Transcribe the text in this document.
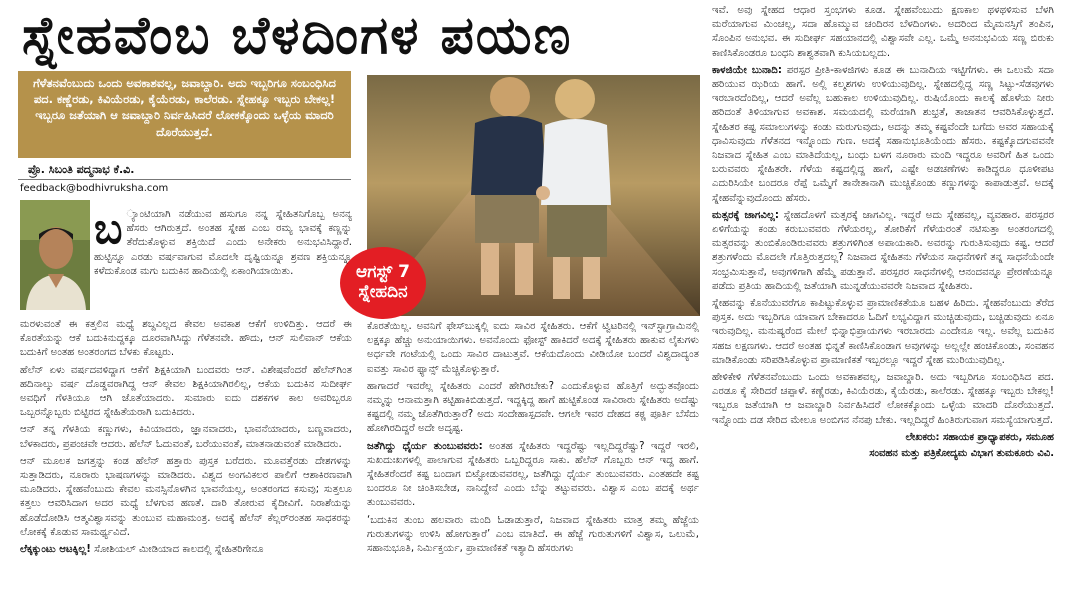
ಸ್ನೇಹವೆಂಬ ಬೆಳದಿಂಗಳ ಪಯಣ
ಗೆಳೆತನವೆಂಬುದು ಒಂದು ಅವಕಾಶವಲ್ಲ, ಜವಾಬ್ದಾರಿ. ಅದು ಇಬ್ಬರಿಗೂ ಸಂಬಂಧಿಸಿದ ಪದ. ಕಣ್ಣೆರಡು, ಕಿವಿಯೆರಡು, ಕೈಯೆರಡು, ಕಾಲೆರಡು. ಸ್ನೇಹಕ್ಕೂ ಇಬ್ಬರು ಬೇಕಲ್ಲ! ಇಬ್ಬರೂ ಜತೆಯಾಗಿ ಆ ಜವಾಬ್ದಾರಿ ನಿರ್ವಹಿಸಿದರೆ ಲೋಕಕ್ಕೊಂದು ಒಳ್ಳೆಯ ಮಾದರಿ ದೊರೆಯುತ್ತದೆ.
ಪ್ರೊ. ಸಿಬಂತಿ ಪದ್ಮನಾಭ ಕೆ.ವಿ.
feedback@bodhivruksha.com
ಆಗಸ್ಟ್ 7
ಸ್ನೇಹದಿನ
ಬ ್ಯಾಂಟಿಯಾಗಿ ನಡೆಯುವ ಹಸುಗೂ ನನ್ನ ಸ್ನೇಹಿತನಿಗೊಬ್ಬ ಅನನ್ಯ ಹೆಸರು ಆಗಿರುತ್ತದೆ. ಅಂತಹ ಸ್ನೇಹ ಎಂಬ ರಮ್ಯ ಭಾವಕ್ಕೆ ಕಣ್ಣನ್ನು ತೆರೆದುಕೊಳ್ಳುವ ಶಕ್ತಿಯಿದೆ ಎಂದು ಅನೇಕರು ಅನುಭವಿಸಿದ್ದಾರೆ. ಹುಟ್ಟಿನ್ನೂ ಎರಡು ವರ್ಷವಾಗುವ ಮೊದಲೇ ದೃಷ್ಟಿಯನ್ನೂ ಶ್ರವಣ ಶಕ್ತಿಯನ್ನೂ ಕಳೆದುಕೊಂಡ ಮಗು ಬದುಕಿನ ಹಾದಿಯಲ್ಲಿ ಏಕಾಂಗಿಯಾಯಿತು.

ಮರಳುವಂತೆ ಈ ಕತ್ತಲಿನ ಮಧ್ಯೆ ಶಬ್ದವಿಲ್ಲದ ಕೇವಲ ಅವಕಾಶ ಆಕೆಗೆ ಉಳಿದಿತ್ತು. ಆದರೆ ಈ ಕೊರತೆಯನ್ನು ಆಕೆ ಬದುಕಿನುದ್ದಕ್ಕೂ ದೂರವಾಗಿಸಿದ್ದು ಗೆಳೆತನವೇ. ಹೌದು, ಆನ್ ಸುಲಿವಾನ್ ಆಕೆಯ ಬದುಕಿಗೆ ಅಂತಹ ಅಂತರಂಗದ ಬೆಳಕು ಕೊಟ್ಟರು.

ಹೆಲೆನ್ ಏಳು ವರ್ಷದವಳಿದ್ದಾಗ ಆಕೆಗೆ ಶಿಕ್ಷಕಿಯಾಗಿ ಬಂದವರು ಆನ್. ವಿಶೇಷವೆಂದರೆ ಹೆಲೆನ್‌ಗಿಂತ ಹದಿನಾಲ್ಕು ವರ್ಷ ದೊಡ್ಡವರಾಗಿದ್ದ ಆನ್ ಕೇವಲ ಶಿಕ್ಷಕಿಯಾಗಿರಲಿಲ್ಲ, ಆಕೆಯ ಬದುಕಿನ ಸುದೀರ್ಘ ಅವಧಿಗೆ ಗೆಳತಿಯೂ ಆಗಿ ಜೊತೆಯಾದರು. ಸುಮಾರು ಐದು ದಶಕಗಳ ಕಾಲ ಅವರಿಬ್ಬರೂ ಒಬ್ಬರನ್ನೊಬ್ಬರು ಬಿಟ್ಟಿರದ ಸ್ನೇಹಿತೆಯರಾಗಿ ಬದುಕಿದರು.

ಆನ್ ತನ್ನ ಗೆಳತಿಯ ಕಣ್ಣುಗಳು, ಕಿವಿಯಾದರು, ಜ್ಞಾನವಾದರು, ಭಾವನೆಯಾದರು, ಬಣ್ಣವಾದರು, ಬೆಳಕಾದರು, ಪ್ರಪಂಚವೇ ಆದರು. ಹೆಲೆನ್ ಓದುವಂತೆ, ಬರೆಯುವಂತೆ, ಮಾತನಾಡುವಂತೆ ಮಾಡಿದರು.

ಆನ್ ಮೂಲಕ ಜಗತ್ತನ್ನು ಕಂಡ ಹೆಲೆನ್ ಹತ್ತಾರು ಪುಸ್ತಕ ಬರೆದರು. ಮೂವತ್ತೆರಡು ದೇಶಗಳನ್ನು ಸುತ್ತಾಡಿದರು, ನೂರಾರು ಭಾಷಣಗಳನ್ನು ಮಾಡಿದರು. ವಿಶ್ವದ ಅಂಗವಿಕಲರ ಪಾಲಿಗೆ ಆಶಾಕಿರಣವಾಗಿ ಮೂಡಿದರು. ಸ್ನೇಹವೆಂಬುದು ಕೇವಲ ಮನಸ್ಸಿನೊಳಗಿನ ಭಾವನೆಯಲ್ಲ, ಅಂತರಂಗದ ಕಸುವು; ಸುತ್ತಲೂ ಕತ್ತಲು ಆವರಿಸಿದಾಗ ಅದರ ಮಧ್ಯೆ ಬೆಳಗುವ ಹಣತೆ. ದಾರಿ ತೋರುವ ಕೈದೀವಿಗೆ. ನಿರಾಶೆಯನ್ನು ಹೊಡೆದೋಡಿಸಿ ಆತ್ಮವಿಶ್ವಾಸವನ್ನು ತುಂಬುವ ಮಹಾಮಂತ್ರ. ಅದಕ್ಕೆ ಹೆಲೆನ್ ಕೆಲ್ಲರ್‌ರಂತಹ ಸಾಧಕರನ್ನು ಲೋಕಕ್ಕೆ ಕೊಡುವ ಸಾಮರ್ಥ್ಯವಿದೆ.

ಲೆಕ್ಕಕ್ಕುಂಟು ಆಟಕ್ಕಿಲ್ಲ! ಸೋಶಿಯಲ್ ಮೀಡಿಯಾದ ಕಾಲದಲ್ಲಿ ಸ್ನೇಹಿತರಿಗೇನೂ

ಕೊರತೆಯಿಲ್ಲ. ಅವನಿಗೆ ಫೇಸ್‌ಬುಕ್ಕಲ್ಲಿ ಐದು ಸಾವಿರ ಸ್ನೇಹಿತರು. ಆಕೆಗೆ ಟ್ವಿಟರಿನಲ್ಲಿ ಇನ್‌ಸ್ಟಾಗ್ರಾಮಿನಲ್ಲಿ ಲಕ್ಷಕ್ಕೂ ಹೆಚ್ಚು ಅನುಯಾಯಿಗಳು. ಅವನೊಂದು ಫೋಸ್ಟ್ ಹಾಕಿದರೆ ಅದಕ್ಕೆ ಸ್ನೇಹಿತರು ಹಾಕುವ ಲೈಕುಗಳು ಅರ್ಧವೇ ಗಂಟೆಯಲ್ಲಿ ಒಂದು ಸಾವಿರ ದಾಟುತ್ತವೆ. ಆಕೆಯದೊಂದು ವೀಡಿಯೋ ಬಂದರೆ ವಿಶ್ವದಾದ್ಯಂತ ಐವತ್ತು ಸಾವಿರ ಫ್ಯಾನ್ಸ್ ಮೆಚ್ಚಿಕೊಳ್ಳುತ್ತಾರೆ.

ಹಾಗಾದರೆ ಇವರೆಲ್ಲ ಸ್ನೇಹಿತರು ಎಂದರೆ ಹೇಗಿರಬೇಕು? ಎಂದುಕೊಳ್ಳುವ ಹೊತ್ತಿಗೆ ಅದ್ಭುತವೊಂದು ನಮ್ಮನ್ನು ಆನಾಮತ್ತಾಗಿ ಕಟ್ಟಿಹಾಕಿಬಿಡುತ್ತದೆ. ಇದ್ದಕ್ಕಿದ್ದ ಹಾಗೆ ಹುಟ್ಟಿಕೊಂಡ ಸಾವಿರಾರು ಸ್ನೇಹಿತರು ಅದೆಷ್ಟು ಕಷ್ಟದಲ್ಲಿ ನಮ್ಮ ಜೊತೆಗಿರುತ್ತಾರೆ? ಅದು ಸಂದೇಹಾಸ್ಪದವೇ. ಆಗಲೇ ಇವರ ದೇಹದ ಕಠ್ಣ ಪೂರ್ತಿ ಬೆಸೆದು ಹೋಗಿರದಿದ್ದರೆ ಅದೇ ಅದೃಷ್ಟ.

ಜತೆಗಿದ್ದು ಧೈರ್ಯ ತುಂಬುವವರು: ಅಂತಹ ಸ್ನೇಹಿತರು ಇದ್ದರೆಷ್ಟು ಇಲ್ಲದಿದ್ದರೆಷ್ಟು? ಇದ್ದರೆ ಇರಲಿ, ಸುಖದುಃಖಗಳಲ್ಲಿ ಪಾಲಾಗುವ ಸ್ನೇಹಿತರು ಒಬ್ಬರಿದ್ದರೂ ಸಾಕು. ಹೆಲೆನ್ ಗೊಬ್ಬರು ಆನ್ ಇದ್ದ ಹಾಗೆ. ಸ್ನೇಹಿತರೆಂದರೆ ಕಷ್ಟ ಬಂದಾಗ ಬಿಟ್ಟೋಡುವವರಲ್ಲ, ಜತೆಗಿದ್ದು ಧೈರ್ಯ ತುಂಬುವವರು. ಎಂತಹದೇ ಕಷ್ಟ ಬಂದರೂ ನೀ ಚಿಂತಿಸಬೇಡ, ನಾನಿದ್ದೇನೆ ಎಂದು ಬೆನ್ನು ತಟ್ಟುವವರು. ವಿಶ್ವಾಸ ಎಂಬ ಪದಕ್ಕೆ ಅರ್ಥ ತುಂಬುವವರು.

‘ಬದುಕಿನ ತುಂಬ ಹಲವಾರು ಮಂದಿ ಓಡಾಡುತ್ತಾರೆ, ನಿಜವಾದ ಸ್ನೇಹಿತರು ಮಾತ್ರ ತಮ್ಮ ಹೆಜ್ಜೆಯ ಗುರುತುಗಳನ್ನು ಉಳಿಸಿ ಹೋಗುತ್ತಾರೆ’ ಎಂಬ ಮಾತಿದೆ. ಈ ಹೆಜ್ಜೆ ಗುರುತುಗಳಿಗೆ ವಿಶ್ವಾಸ, ಒಲುಮೆ, ಸಹಾನುಭೂತಿ, ನಿರ್ಮಿಕ್ತರ್ಯ, ಪ್ರಾಮಾಣಿಕತೆ ಇತ್ಯಾದಿ ಹೆಸರುಗಳು

ಇವೆ. ಅವು ಸ್ನೇಹದ ಆಧಾರ ಸ್ತಂಭಗಳು ಕೂಡ. ಸ್ನೇಹವೆಂಬುದು ಕ್ಷಣಕಾಲ ಥಳಥಳಿಸುವ ಬೆಳಗಿ ಮರೆಯಾಗುವ ಮಿಂಚಲ್ಲ, ಸದಾ ಹೊಮ್ಮುವ ಚಂದಿರನ ಬೆಳದಿಂಗಳು. ಅದರಿಂದ ಮೈಮನಸ್ಸಿಗೆ ತಂಪಿನ, ಸೊಂಪಿನ ಅನುಭವ. ಈ ಸುದೀರ್ಘ ಸಹಯಾನದಲ್ಲಿ ವಿಶ್ವಾಸವೇ ಎಲ್ಲ. ಒಮ್ಮೆ ಅನನುಭವಿಯ ಸಣ್ಣ ಬಿರುಕು ಕಾಣಿಸಿಕೊಂಡರೂ ಬಂಧನಿ ಶಾಶ್ವತವಾಗಿ ಕುಸಿಯಬಲ್ಲದು.

ಕಾಳಜಿಯೇ ಬುನಾದಿ: ಪರಸ್ಪರ ಪ್ರೀತಿ-ಕಾಳಜಿಗಳು ಕೂಡ ಈ ಬುನಾದಿಯ ಇಟ್ಟಿಗೆಗಳು. ಈ ಒಲುಮೆ ಸದಾ ಹರಿಯುವ ಝರಿಯ ಹಾಗೆ. ಅಲ್ಲಿ ಕಲ್ಮಶಗಳು ಉಳಿಯುವುದಿಲ್ಲ. ಸ್ನೇಹದಲ್ಲಿದ್ದ ಸಣ್ಣ ಸಿಟ್ಟು-ಸೆಡವುಗಳು ಇರಬಾರದೆಂದಿಲ್ಲ, ಆದರೆ ಅವೆಲ್ಲ ಬಹುಕಾಲ ಉಳಿಯುವುದಿಲ್ಲ. ರುಷಿಯೊಂದು ಕಾಲಕ್ಕೆ ಹೊಳೆಯ ನೀರು ಹರಿದಂತೆ ತಿಳಿಯಾಗುವ ಅವಕಾಶ. ಸಮಯದಲ್ಲಿ ಮರೆಯಾಗಿ ಶುಭ್ರತೆ, ತಾಜಾತನ ಆವರಿಸಿಕೊಳ್ಳುತ್ತದೆ. ಸ್ನೇಹಿತರ ಕಷ್ಟ ಸಮಾಲುಗಳನ್ನು ಕಂಡು ಮರುಗುವುದು, ಅದನ್ನು ತಮ್ಮ ಕಷ್ಟವೆಂದೇ ಬಗೆದು ಅವರ ಸಹಾಯಕ್ಕೆ ಧಾವಿಸುವುದು ಗೆಳೆತನದ ಇನ್ನೊಂದು ಗುಣ. ಅದಕ್ಕೆ ಸಹಾನುಭೂತಿಯೆಂದು ಹೆಸರು. ಕಷ್ಟಕ್ಕೊದಗುವವನೇ ನಿಜವಾದ ಸ್ನೇಹಿತ ಎಂಬ ಮಾತಿದೆಯಲ್ಲ, ಬಂಧು ಬಳಗ ನೂರಾರು ಮಂದಿ ಇದ್ದರೂ ಅವರಿಗೆ ಹಿತ ಒಂದು ಬರುವವರು ಸ್ನೇಹಿತರೇ. ಗೆಳೆಯ ಕಷ್ಟದಲ್ಲಿದ್ದ ಹಾಗೆ, ಎಷ್ಟೇ ಅಡಚಣೆಗಳು ಕಾಡಿದ್ದರೂ ಧೂಳೀಪಟ ಎದುರಿಸಿಯೇ ಬಂದರೂ ರೆಪ್ಪೆ ಒಮ್ಮೆಗೆ ತಾನೇತಾನಾಗಿ ಮುಚ್ಚಿಕೊಂಡು ಕಣ್ಣುಗಳನ್ನು ಕಾಪಾಡುತ್ತವೆ. ಅದಕ್ಕೆ ಸ್ನೇಹವೆನ್ನುವುದೊಂದು ಹೆಸರು.

ಮತ್ಸರಕ್ಕೆ ಜಾಗವಿಲ್ಲ: ಸ್ನೇಹದೊಳಗೆ ಮತ್ಸರಕ್ಕೆ ಜಾಗವಿಲ್ಲ. ಇದ್ದರೆ ಅದು ಸ್ನೇಹವಲ್ಲ, ವ್ಯವಹಾರ. ಪರಸ್ಪರರ ಏಳಿಗೆಯನ್ನು ಕಂಡು ಕರುಬುವವರು ಗೆಳೆಯರಲ್ಲ, ತೋರಿಕೆಗೆ ಗೆಳೆಯರಂತೆ ನಟಿಸುತ್ತಾ ಅಂತರಂಗದಲ್ಲಿ ಮತ್ಸರವನ್ನು ತುಂಬಿಕೊಂಡಿರುವವರು ಶತ್ರುಗಳಿಗಿಂತ ಅಪಾಯಕಾರಿ. ಅವರನ್ನು ಗುರುತಿಸುವುದು ಕಷ್ಟ. ಆದರೆ ಶತ್ರುಗಳೆಂದು ಮೊದಲೇ ಗೊತ್ತಿರುತ್ತದಲ್ಲ? ನಿಜವಾದ ಸ್ನೇಹಿತನು ಗೆಳೆಯನ ಸಾಧನೆಗಳಿಗೆ ತನ್ನ ಸಾಧನೆಯೆಂದೇ ಸಂಭ್ರಮಿಸುತ್ತಾನೆ, ಅವುಗಳಿಗಾಗಿ ಹೆಮ್ಮೆ ಪಡುತ್ತಾನೆ. ಪರಸ್ಪರರ ಸಾಧನೆಗಳಲ್ಲಿ ಆನಂದವನ್ನೂ ಪ್ರೇರಣೆಯನ್ನೂ ಪಡೆದು ಪ್ರತಿಯ ಹಾದಿಯಲ್ಲಿ ಜತೆಯಾಗಿ ಮುನ್ನಡೆಯುವವರೇ ನಿಜವಾದ ಸ್ನೇಹಿತರು.

ಸ್ನೇಹವನ್ನು ಕೊನೆಯುವರೆಗೂ ಕಾಪಿಟ್ಟುಕೊಳ್ಳುವ ಪ್ರಾಮಾಣಿಕತೆಯೂ ಬಹಳ ಹಿರಿದು. ಸ್ನೇಹವೆಂಬುದು ತೆರೆದ ಪುಸ್ತಕ. ಅದು ಇಬ್ಬರಿಗೂ ಯಾವಾಗ ಬೇಕಾದರೂ ಓದಿಗೆ ಲಭ್ಯವಿದ್ದಾಗ ಮುಚ್ಚಿಡುವುದು, ಬಚ್ಚಿಡುವುದು ಏನೂ ಇರುವುದಿಲ್ಲ. ಮನುಷ್ಯರೆಂದ ಮೇಲೆ ಭಿನ್ನಾಭಿಪ್ರಾಯಗಳು ಇರಬಾರದು ಎಂದೇನೂ ಇಲ್ಲ. ಅವೆಲ್ಲ ಬದುಕಿನ ಸಹಜ ಲಕ್ಷಣಗಳು. ಆದರೆ ಅಂತಹ ಭಿನ್ನತೆ ಕಾಣಿಸಿಕೊಂಡಾಗ ಅವುಗಳನ್ನು ಅಲ್ಲಲ್ಲೇ ಹಂಚಿಕೊಂಡು, ಸಂವಹನ ಮಾಡಿಕೊಂಡು ಸರಿಪಡಿಸಿಕೊಳ್ಳುವ ಪ್ರಾಮಾಣಿಕತೆ ಇಬ್ಬರಲ್ಲೂ ಇದ್ದರೆ ಸ್ನೇಹ ಮುರಿಯುವುದಿಲ್ಲ.

ಹೇಳಿಕೇಳಿ ಗೆಳೆತನವೆಂಬುದು ಒಂದು ಅವಕಾಶವಲ್ಲ, ಜವಾಬ್ದಾರಿ. ಅದು ಇಬ್ಬರಿಗೂ ಸಂಬಂಧಿಸಿದ ಪದ. ಎರಡೂ ಕೈ ಸೇರಿದರೆ ಚಪ್ಪಾಳೆ. ಕಣ್ಣೆರಡು, ಕಿವಿಯೆರಡು, ಕೈಯೆರಡು, ಕಾಲೆರಡು. ಸ್ನೇಹಕ್ಕೂ ಇಬ್ಬರು ಬೇಕಲ್ಲ! ಇಬ್ಬರೂ ಜತೆಯಾಗಿ ಆ ಜವಾಬ್ದಾರಿ ನಿರ್ವಹಿಸಿದರೆ ಲೋಕಕ್ಕೊಂದು ಒಳ್ಳೆಯ ಮಾದರಿ ದೊರೆಯುತ್ತದೆ. ಇನ್ನೊಂದು ದಡ ಸೇರಿದ ಮೇಲೂ ಅಂಬಿಗನ ನೆನಪು ಬೇಕು. ಇಲ್ಲದಿದ್ದರೆ ಹಿಂತಿರುಗುವಾಗ ಸಮಸ್ಯೆಯಾಗುತ್ತದೆ.

ಲೇಖಕರು: ಸಹಾಯಕ ಪ್ರಾಧ್ಯಾಪಕರು, ಸಮೂಹ
ಸಂವಹನ ಮತ್ತು ಪತ್ರಿಕೋದ್ಯಮ ವಿಭಾಗ ತುಮಕೂರು ವಿವಿ.
